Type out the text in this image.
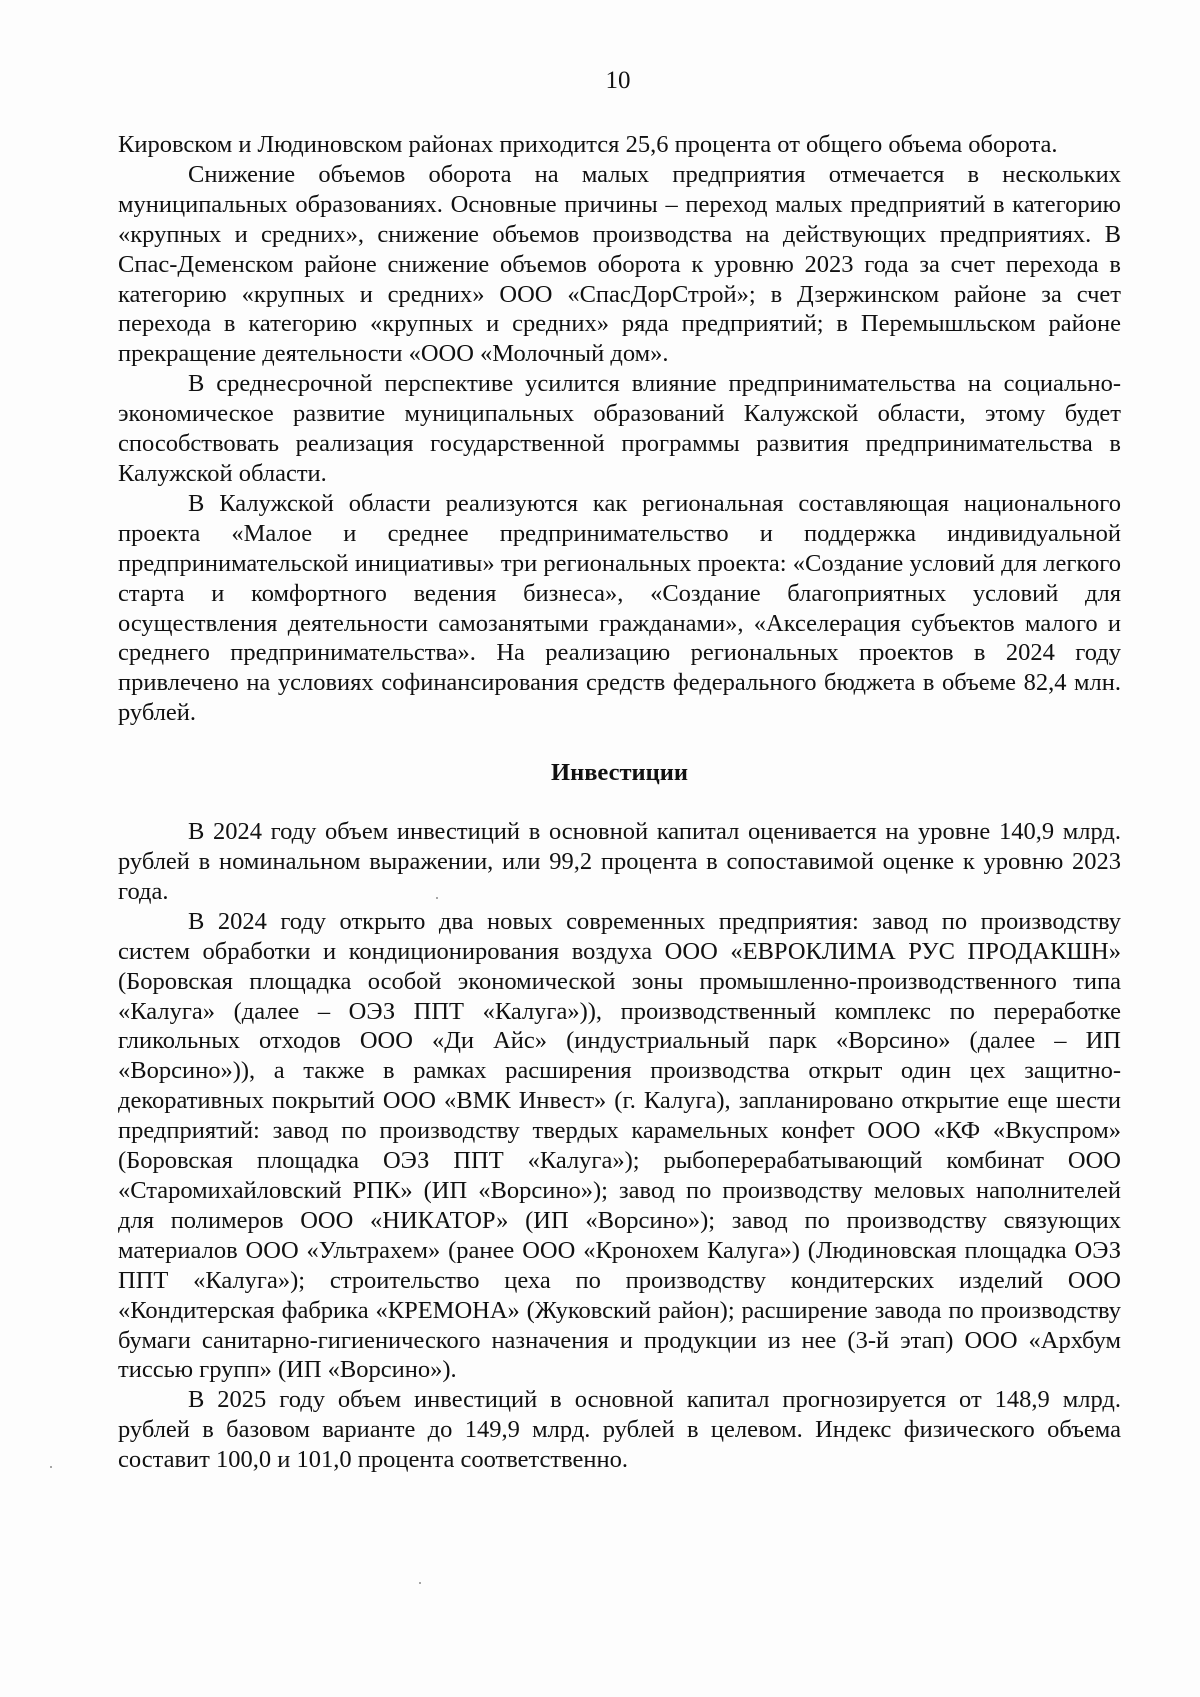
10

Кировском и Людиновском районах приходится 25,6 процента от общего объема оборота.

Снижение объемов оборота на малых предприятия отмечается в нескольких муниципальных образованиях. Основные причины – переход малых предприятий в категорию «крупных и средних», снижение объемов производства на действующих предприятиях. В Спас-Деменском районе снижение объемов оборота к уровню 2023 года за счет перехода в категорию «крупных и средних» ООО «СпасДорСтрой»; в Дзержинском районе за счет перехода в категорию «крупных и средних» ряда предприятий; в Перемышльском районе прекращение деятельности «ООО «Молочный дом».

В среднесрочной перспективе усилится влияние предпринимательства на социально-экономическое развитие муниципальных образований Калужской области, этому будет способствовать реализация государственной программы развития предпринимательства в Калужской области.

В Калужской области реализуются как региональная составляющая национального проекта «Малое и среднее предпринимательство и поддержка индивидуальной предпринимательской инициативы» три региональных проекта: «Создание условий для легкого старта и комфортного ведения бизнеса», «Создание благоприятных условий для осуществления деятельности самозанятыми гражданами», «Акселерация субъектов малого и среднего предпринимательства». На реализацию региональных проектов в 2024 году привлечено на условиях софинансирования средств федерального бюджета в объеме 82,4 млн. рублей.

Инвестиции

В 2024 году объем инвестиций в основной капитал оценивается на уровне 140,9 млрд. рублей в номинальном выражении, или 99,2 процента в сопоставимой оценке к уровню 2023 года.

В 2024 году открыто два новых современных предприятия: завод по производству систем обработки и кондиционирования воздуха ООО «ЕВРОКЛИМА РУС ПРОДАКШН» (Боровская площадка особой экономической зоны промышленно-производственного типа «Калуга» (далее – ОЭЗ ППТ «Калуга»)), производственный комплекс по переработке гликольных отходов ООО «Ди Айс» (индустриальный парк «Ворсино» (далее – ИП «Ворсино»)), а также в рамках расширения производства открыт один цех защитно-декоративных покрытий ООО «ВМК Инвест» (г. Калуга), запланировано открытие еще шести предприятий: завод по производству твердых карамельных конфет ООО «КФ «Вкуспром» (Боровская площадка ОЭЗ ППТ «Калуга»); рыбоперерабатывающий комбинат ООО «Старомихайловский РПК» (ИП «Ворсино»); завод по производству меловых наполнителей для полимеров ООО «НИКАТОР» (ИП «Ворсино»); завод по производству связующих материалов ООО «Ультрахем» (ранее ООО «Кронохем Калуга») (Людиновская площадка ОЭЗ ППТ «Калуга»); строительство цеха по производству кондитерских изделий ООО «Кондитерская фабрика «КРЕМОНА» (Жуковский район); расширение завода по производству бумаги санитарно-гигиенического назначения и продукции из нее (3-й этап) ООО «Архбум тиссью групп» (ИП «Ворсино»).

В 2025 году объем инвестиций в основной капитал прогнозируется от 148,9 млрд. рублей в базовом варианте до 149,9 млрд. рублей в целевом. Индекс физического объема составит 100,0 и 101,0 процента соответственно.
